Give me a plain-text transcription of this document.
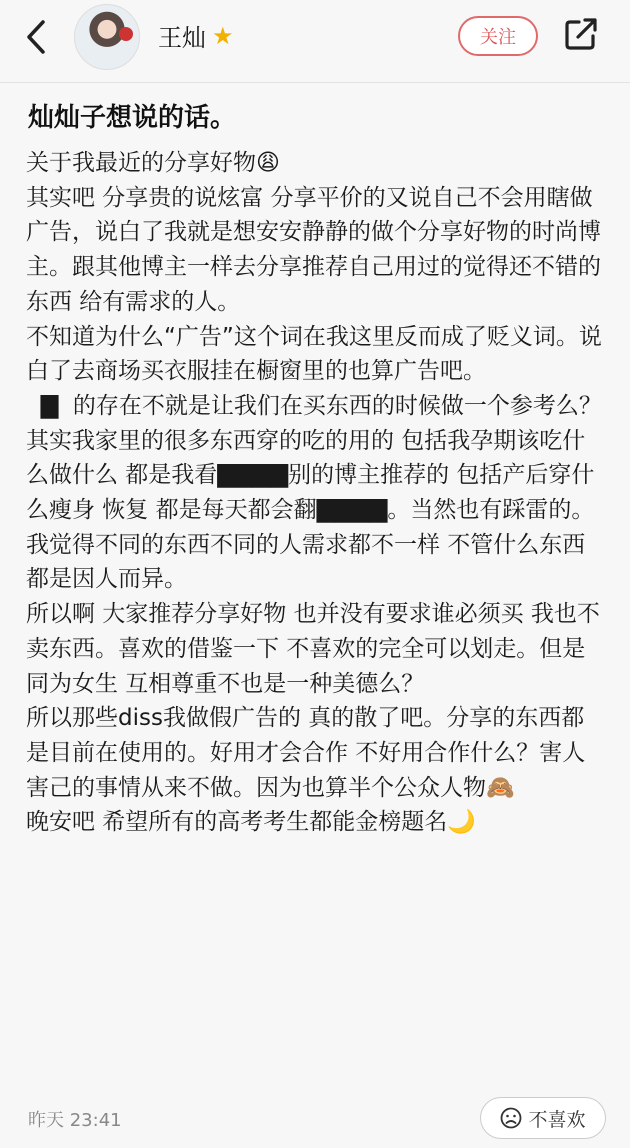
王灿 ★	关注
灿灿子想说的话。

关于我最近的分享好物😩

其实吧 分享贵的说炫富 分享平价的又说自己不会用瞎做广告，说白了我就是想安安静静的做个分享好物的时尚博主。跟其他博主一样去分享推荐自己用过的觉得还不错的东西 给有需求的人。

不知道为什么“广告”这个词在我这里反而成了贬义词。说白了去商场买衣服挂在橱窗里的也算广告吧。

▇  的存在不就是让我们在买东西的时候做一个参考么？其实我家里的很多东西穿的吃的用的 包括我孕期该吃什么做什么 都是我看▇▇▇▇别的博主推荐的 包括产后穿什么瘦身 恢复 都是每天都会翻▇▇▇▇。当然也有踩雷的。我觉得不同的东西不同的人需求都不一样 不管什么东西都是因人而异。

所以啊 大家推荐分享好物 也并没有要求谁必须买 我也不卖东西。喜欢的借鉴一下 不喜欢的完全可以划走。但是同为女生 互相尊重不也是一种美德么？

所以那些diss我做假广告的 真的散了吧。分享的东西都是目前在使用的。好用才会合作 不好用合作什么？害人害己的事情从来不做。因为也算半个公众人物🙈

晚安吧 希望所有的高考考生都能金榜题名🌙

昨天 23:41	不喜欢
